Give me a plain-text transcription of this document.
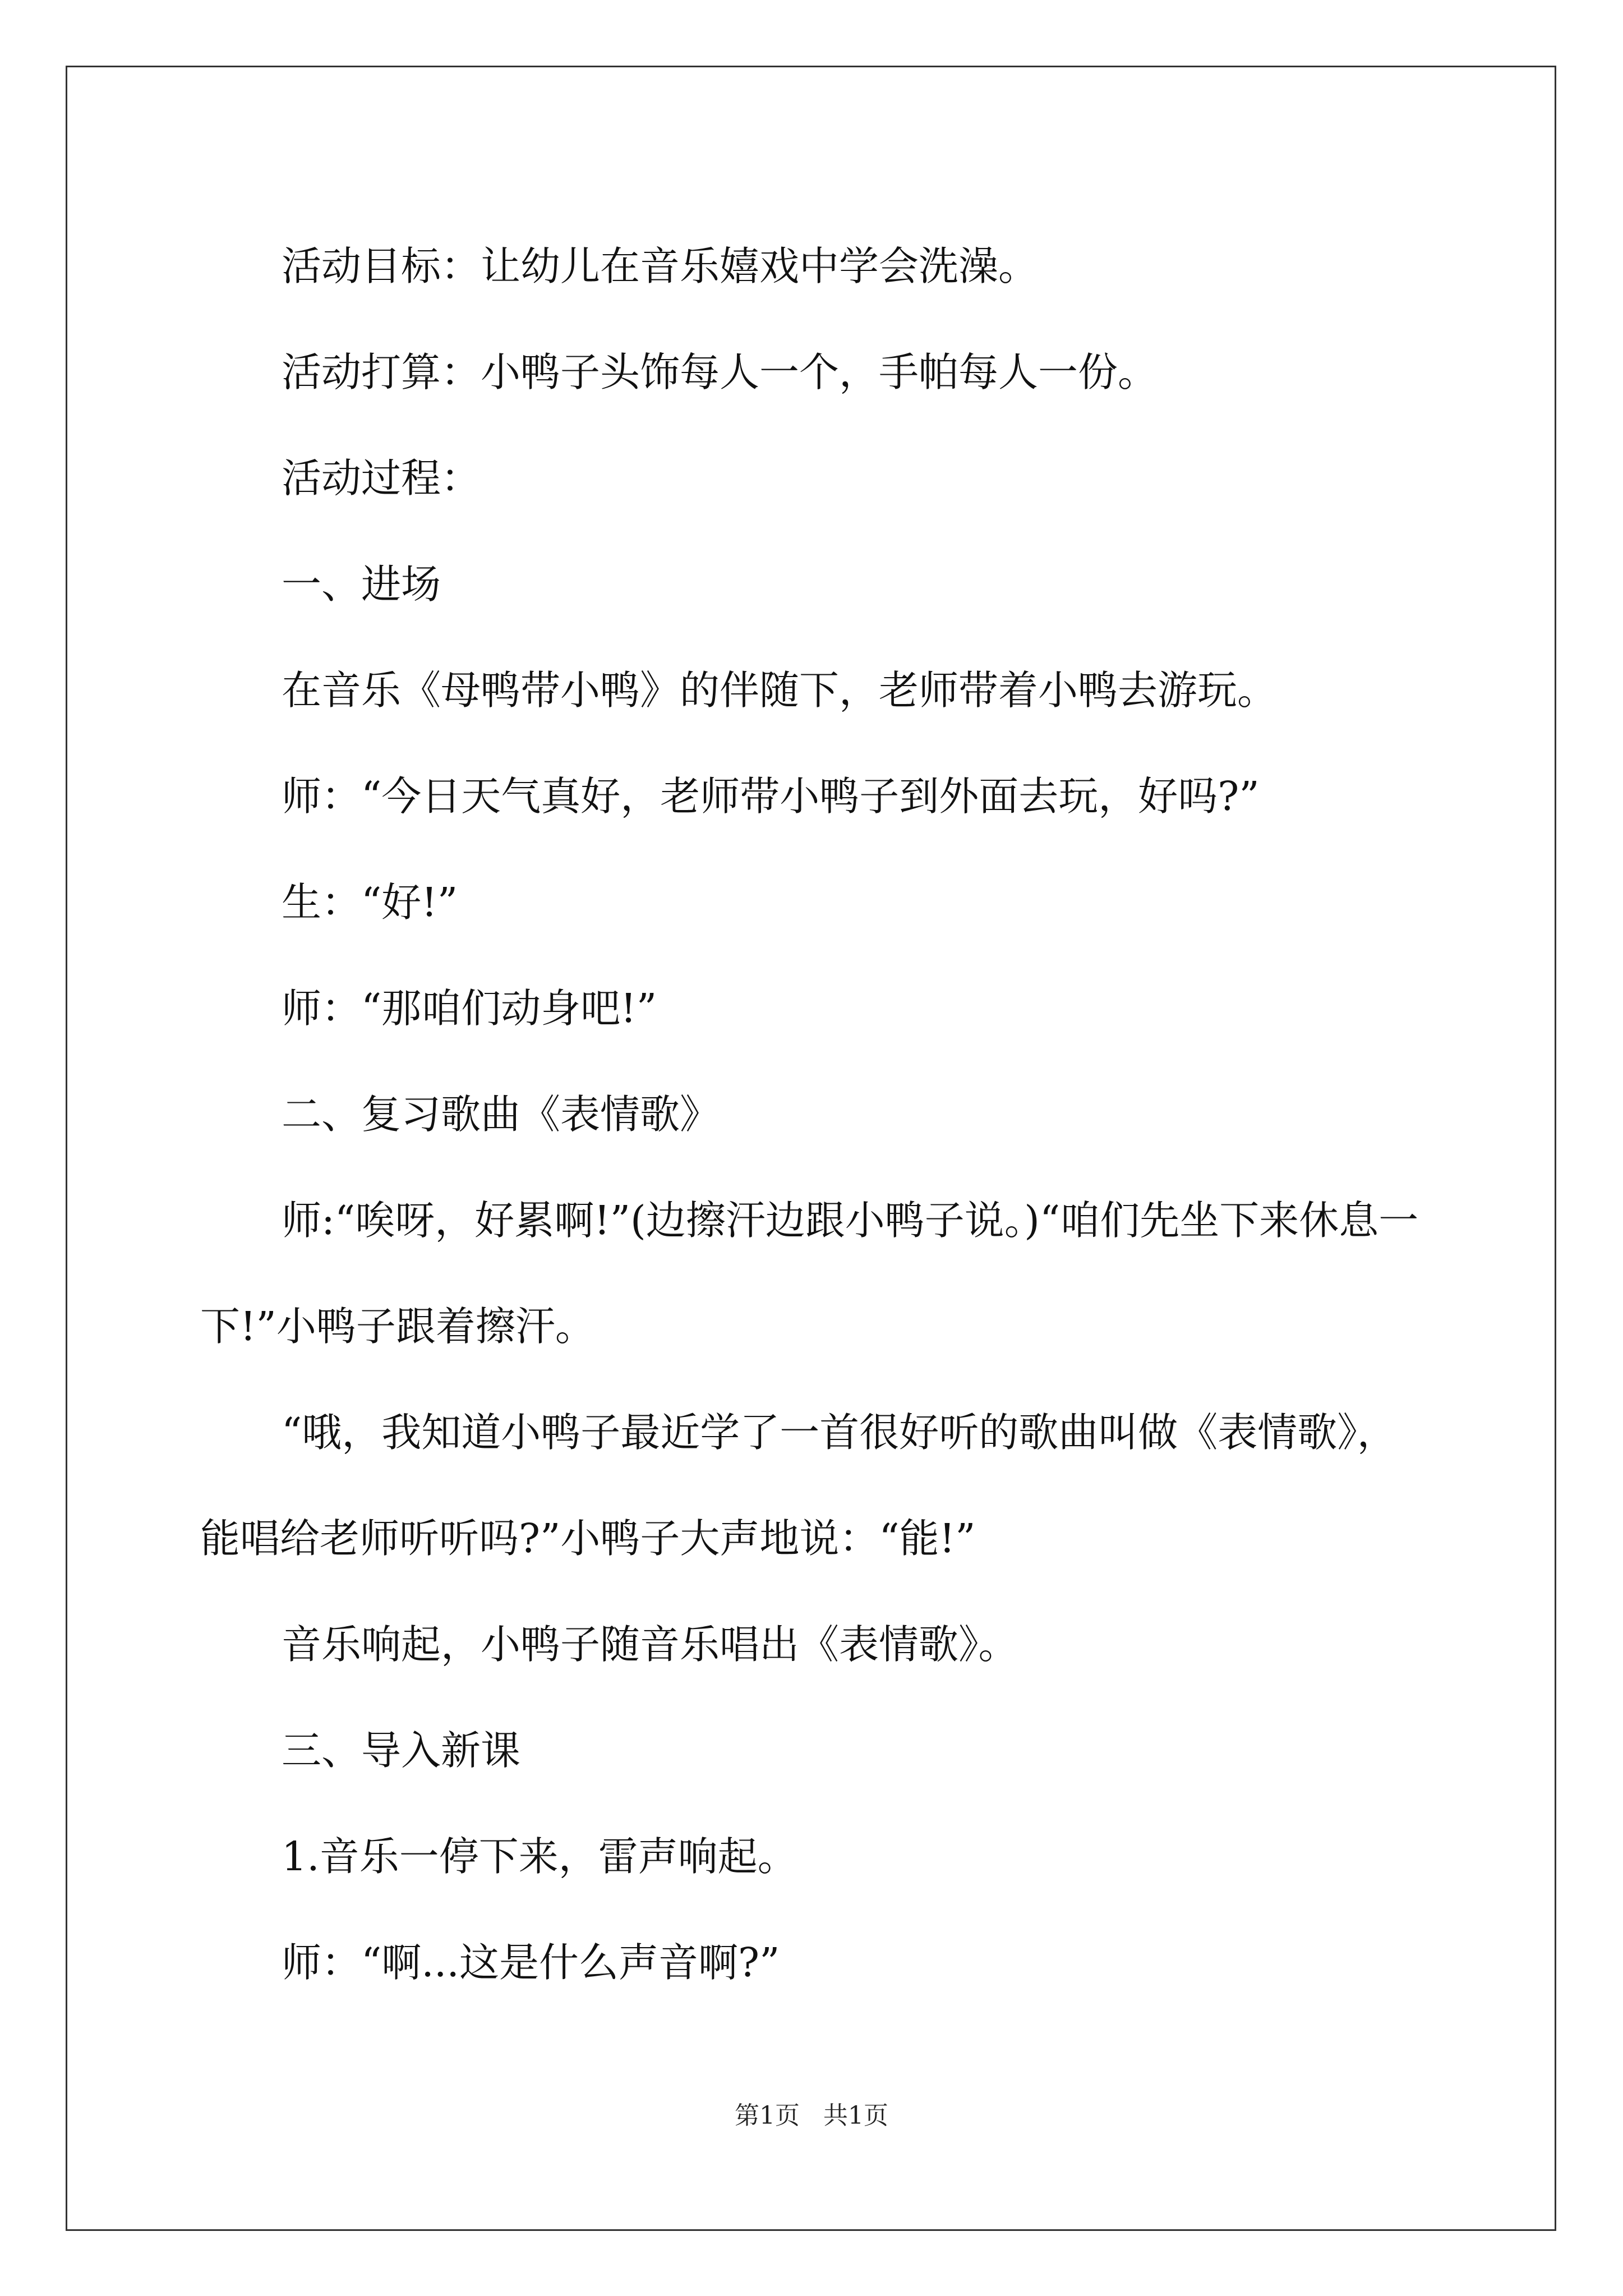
活动目标：让幼儿在音乐嬉戏中学会洗澡。

活动打算：小鸭子头饰每人一个，手帕每人一份。

活动过程：

一、进场

在音乐《母鸭带小鸭》的伴随下，老师带着小鸭去游玩。

师：“今日天气真好，老师带小鸭子到外面去玩，好吗?”

生：“好!”

师：“那咱们动身吧!”

二、复习歌曲《表情歌》

师:“唉呀，好累啊!”(边擦汗边跟小鸭子说。)“咱们先坐下来休息一下!”小鸭子跟着擦汗。

“哦，我知道小鸭子最近学了一首很好听的歌曲叫做《表情歌》，能唱给老师听听吗?”小鸭子大声地说：“能!”

音乐响起，小鸭子随音乐唱出《表情歌》。

三、导入新课

1.音乐一停下来，雷声响起。

师：“啊...这是什么声音啊?”

第1页   共1页
